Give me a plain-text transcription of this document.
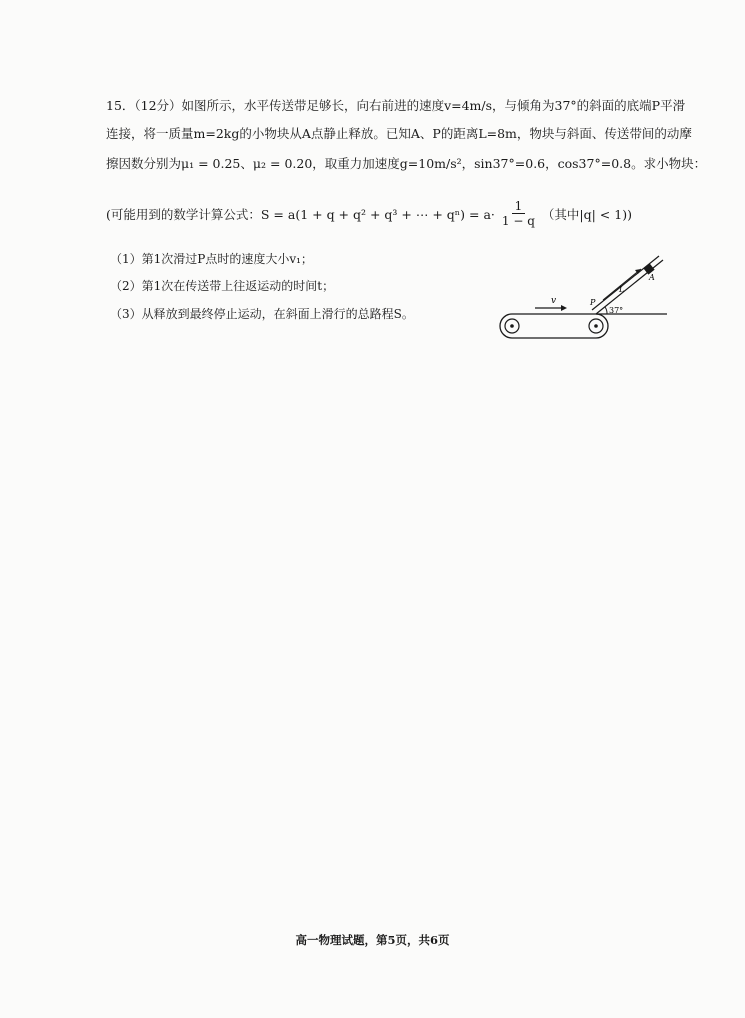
15．（12分）如图所示，水平传送带足够长，向右前进的速度v=4m/s，与倾角为37°的斜面的底端P平滑
连接，将一质量m=2kg的小物块从A点静止释放。已知A、P的距离L=8m，物块与斜面、传送带间的动摩
擦因数分别为μ₁ = 0.25、μ₂ = 0.20，取重力加速度g=10m/s²，sin37°=0.6，cos37°=0.8。求小物块：
(可能用到的数学计算公式：S = a(1 + q + q² + q³ + ⋯ + $q^n) = a\cdot \frac{1}{1 - q}$ （其中|q| < 1))
（1）第1次滑过P点时的速度大小v₁；
（2）第1次在传送带上往返运动的时间t；
（3）从释放到最终停止运动，在斜面上滑行的总路程S。
v	P
L
A
37°
高一物理试题，第5页，共6页
